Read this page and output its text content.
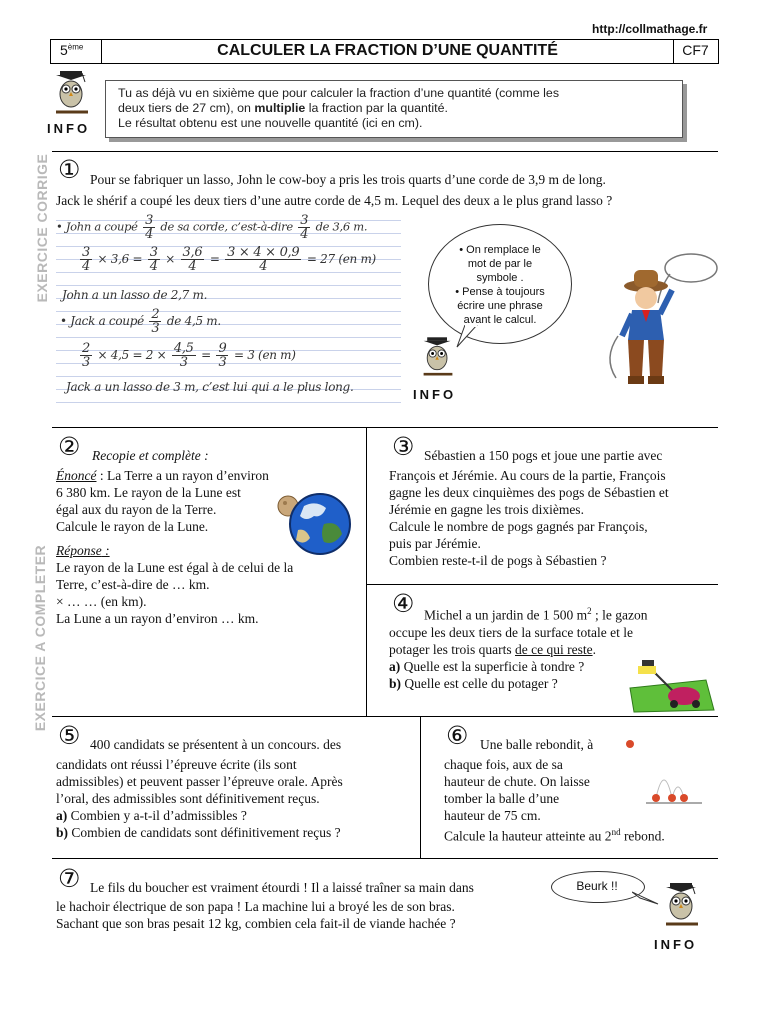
http://collmathage.fr
5ème	CALCULER LA FRACTION D’UNE QUANTITÉ	CF7
INFO

Tu as déjà vu en sixième que pour calculer la fraction d’une quantité (comme les

deux tiers de 27 cm), on multiplie la fraction par la quantité.

Le résultat obtenu est une nouvelle quantité (ici en cm).

EXERCICE CORRIGE
EXERCICE A COMPLETER
① Pour se fabriquer un lasso, John le cow-boy a pris les trois quarts d’une corde de 3,9 m de long.

Jack le shérif a coupé les deux tiers d’une autre corde de 4,5 m. Lequel des deux a le plus grand lasso ?
• John a coupé $\frac{3}{4}$ de sa corde, c’est-à-dire $\frac{3}{4}$ de 3,6 m.
$\frac{3}{4} \times 3,6 = \frac{3}{4} \times \frac{3,6}{4} = \frac{3 \times 4 \times 0,9}{4} = 27$ (en m)
John a un lasso de 2,7 m.
• Jack a coupé $\frac{2}{3}$ de 4,5 m.
$\frac{2}{3} \times 4,5 = 2 \times \frac{4,5}{3} = \frac{9}{3} = 3$ (en m)
Jack a un lasso de 3 m, c’est lui qui a le plus long.

• On remplace le

mot de par le

symbole .

• Pense à toujours

écrire une phrase

avant le calcul.

INFO
② Recopie et complète :

Énoncé : La Terre a un rayon d’environ

6 380 km. Le rayon de la Lune est

égal aux du rayon de la Terre.

Calcule le rayon de la Lune.

Réponse :

Le rayon de la Lune est égal à de celui de la

Terre, c’est-à-dire de … km.

× … … (en km).

La Lune a un rayon d’environ … km.

③ Sébastien a 150 pogs et joue une partie avec

François et Jérémie. Au cours de la partie, François

gagne les deux cinquièmes des pogs de Sébastien et

Jérémie en gagne les trois dixièmes.

Calcule le nombre de pogs gagnés par François,

puis par Jérémie.

Combien reste-t-il de pogs à Sébastien ?

④ Michel a un jardin de 1 500 $m^2$ ; le gazon

occupe les deux tiers de la surface totale et le

potager les trois quarts de ce qui reste.

a) Quelle est la superficie à tondre ?

b) Quelle est celle du potager ?

⑤ 400 candidats se présentent à un concours. des

candidats ont réussi l’épreuve écrite (ils sont

admissibles) et peuvent passer l’épreuve orale. Après

l’oral, des admissibles sont définitivement reçus.

a) Combien y a-t-il d’admissibles ?

b) Combien de candidats sont définitivement reçus ?

⑥ Une balle rebondit, à

chaque fois, aux de sa

hauteur de chute. On laisse

tomber la balle d’une

hauteur de 75 cm.

Calcule la hauteur atteinte au 2nd rebond.

⑦ Le fils du boucher est vraiment étourdi ! Il a laissé traîner sa main dans

le hachoir électrique de son papa ! La machine lui a broyé les de son bras.

Sachant que son bras pesait 12 kg, combien cela fait-il de viande hachée ?

Beurk !!
INFO
